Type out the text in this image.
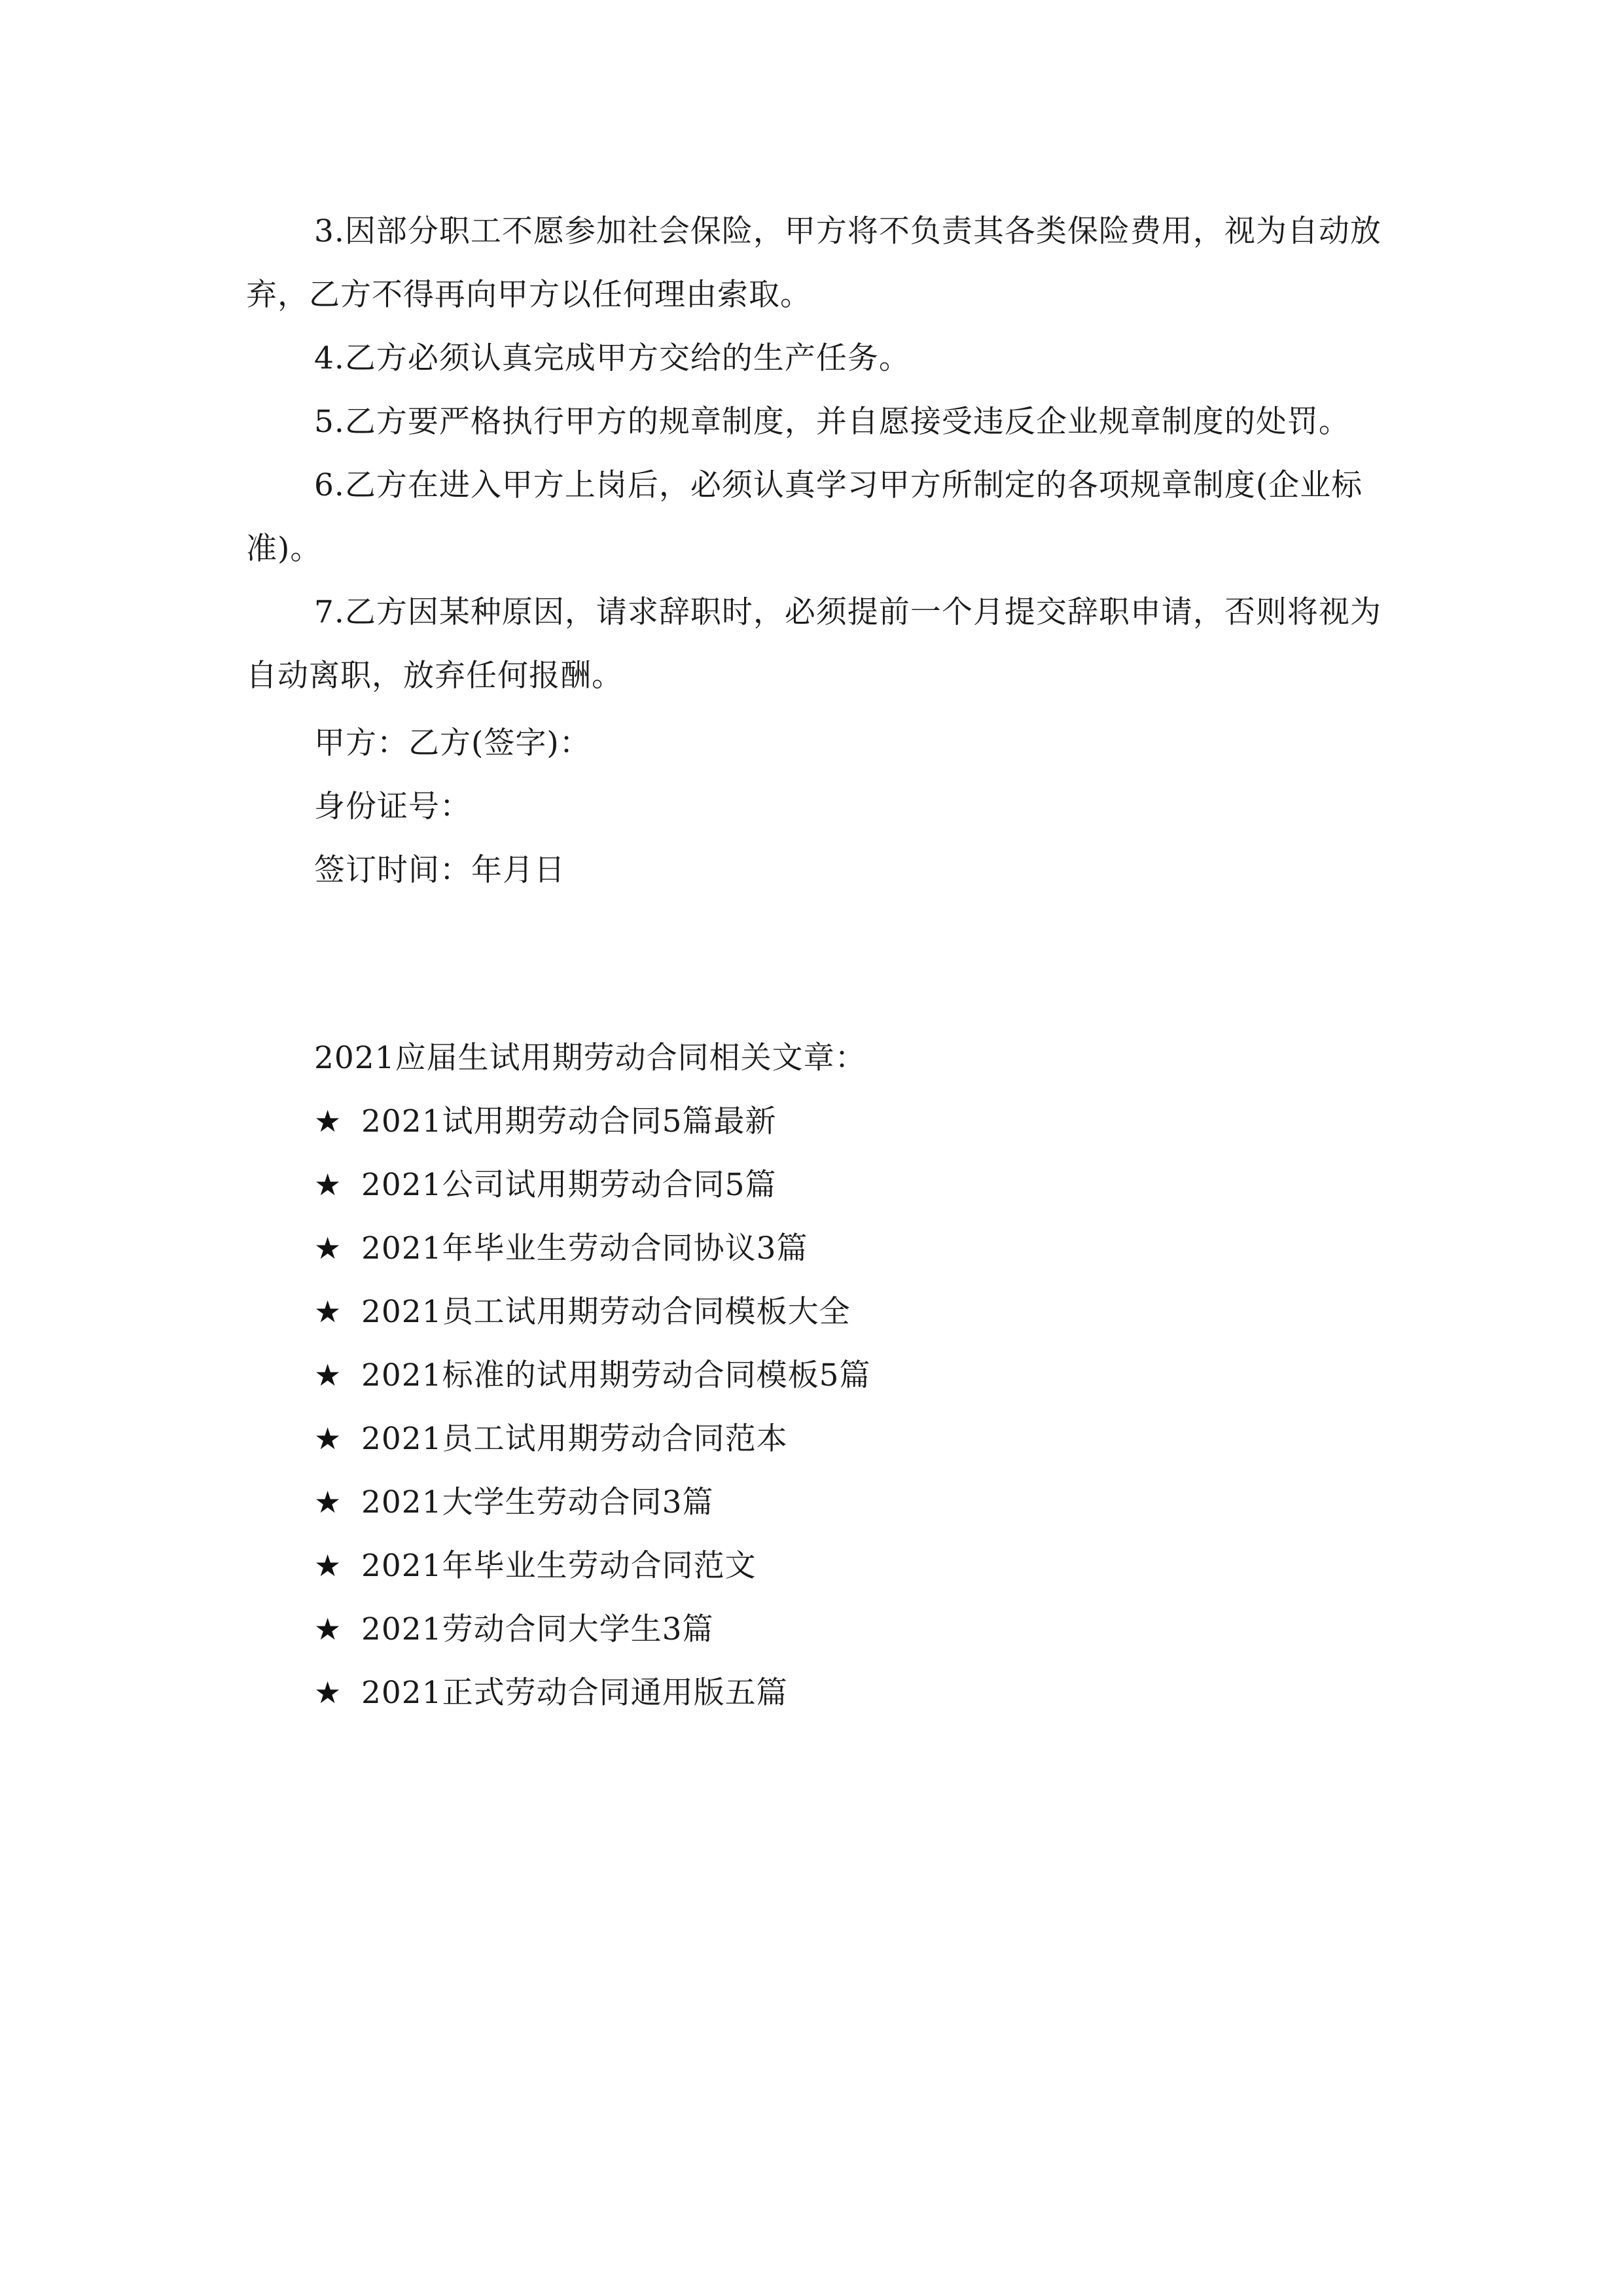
3.因部分职工不愿参加社会保险，甲方将不负责其各类保险费用，视为自动放弃，乙方不得再向甲方以任何理由索取。

4.乙方必须认真完成甲方交给的生产任务。

5.乙方要严格执行甲方的规章制度，并自愿接受违反企业规章制度的处罚。

6.乙方在进入甲方上岗后，必须认真学习甲方所制定的各项规章制度(企业标准)。

7.乙方因某种原因，请求辞职时，必须提前一个月提交辞职申请，否则将视为自动离职，放弃任何报酬。

甲方：乙方(签字)：

身份证号：

签订时间：年月日

2021应届生试用期劳动合同相关文章：

★ 2021试用期劳动合同5篇最新
★ 2021公司试用期劳动合同5篇
★ 2021年毕业生劳动合同协议3篇
★ 2021员工试用期劳动合同模板大全
★ 2021标准的试用期劳动合同模板5篇
★ 2021员工试用期劳动合同范本
★ 2021大学生劳动合同3篇
★ 2021年毕业生劳动合同范文
★ 2021劳动合同大学生3篇
★ 2021正式劳动合同通用版五篇
